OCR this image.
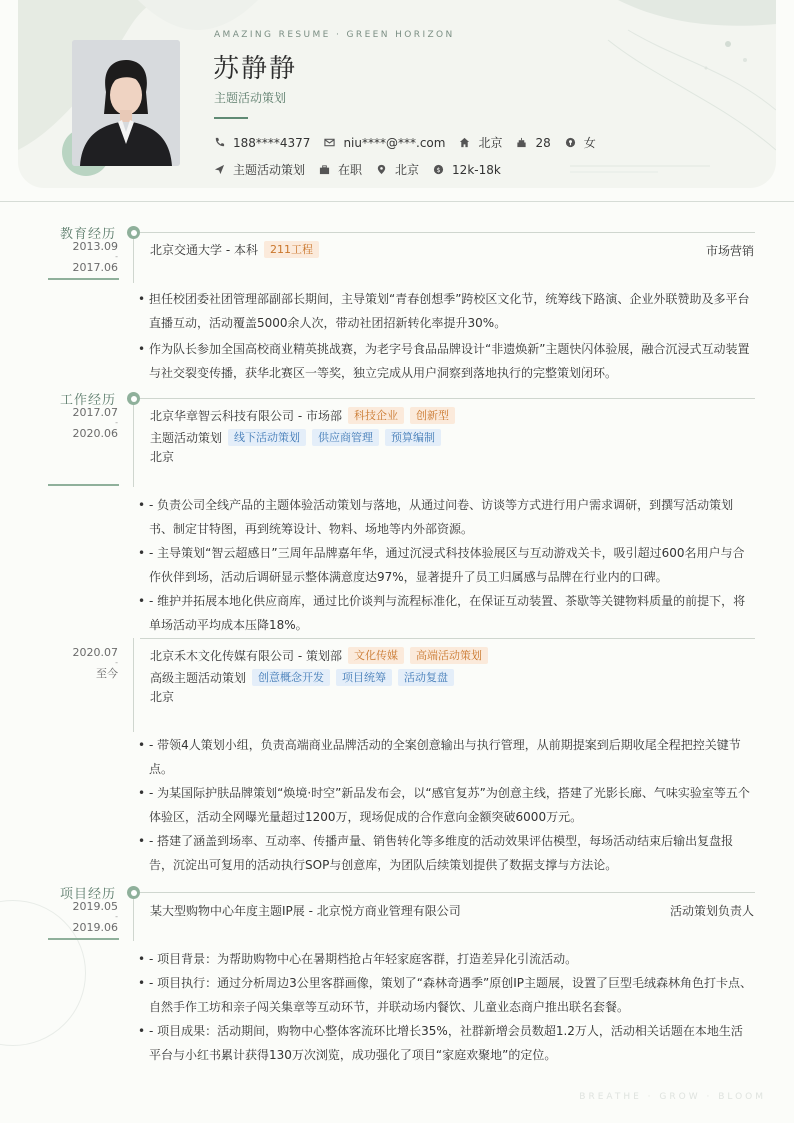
AMAZING RESUME · GREEN HORIZON
苏静静
主题活动策划
188****4377	niu****@***.com	北京	28	女
主题活动策划	在职	北京 $ 12k-18k
教育经历
2013.09
-
2017.06
北京交通大学 - 本科	211工程	市场营销
• 担任校团委社团管理部副部长期间，主导策划“青春创想季”跨校区文化节，统筹线下路演、企业外联赞助及多平台直播互动，活动覆盖5000余人次，带动社团招新转化率提升30%。
• 作为队长参加全国高校商业精英挑战赛，为老字号食品品牌设计“非遗焕新”主题快闪体验展，融合沉浸式互动装置与社交裂变传播，获华北赛区一等奖，独立完成从用户洞察到落地执行的完整策划闭环。
工作经历
2017.07
-
2020.06
北京华章智云科技有限公司 - 市场部	科技企业	创新型
主题活动策划	线下活动策划	供应商管理	预算编制
北京
• - 负责公司全线产品的主题体验活动策划与落地，从通过问卷、访谈等方式进行用户需求调研，到撰写活动策划书、制定甘特图，再到统筹设计、物料、场地等内外部资源。
• - 主导策划“智云超感日”三周年品牌嘉年华，通过沉浸式科技体验展区与互动游戏关卡，吸引超过600名用户与合作伙伴到场，活动后调研显示整体满意度达97%，显著提升了员工归属感与品牌在行业内的口碑。
• - 维护并拓展本地化供应商库，通过比价谈判与流程标准化，在保证互动装置、茶歇等关键物料质量的前提下，将单场活动平均成本压降18%。
2020.07
-
至今
北京禾木文化传媒有限公司 - 策划部	文化传媒	高端活动策划
高级主题活动策划	创意概念开发	项目统筹	活动复盘
北京
• - 带领4人策划小组，负责高端商业品牌活动的全案创意输出与执行管理，从前期提案到后期收尾全程把控关键节点。
• - 为某国际护肤品牌策划“焕境·时空”新品发布会，以“感官复苏”为创意主线，搭建了光影长廊、气味实验室等五个体验区，活动全网曝光量超过1200万，现场促成的合作意向金额突破6000万元。
• - 搭建了涵盖到场率、互动率、传播声量、销售转化等多维度的活动效果评估模型，每场活动结束后输出复盘报告，沉淀出可复用的活动执行SOP与创意库，为团队后续策划提供了数据支撑与方法论。
项目经历
2019.05
-
2019.06
某大型购物中心年度主题IP展 - 北京悦方商业管理有限公司	活动策划负责人
• - 项目背景：为帮助购物中心在暑期档抢占年轻家庭客群，打造差异化引流活动。
• - 项目执行：通过分析周边3公里客群画像，策划了“森林奇遇季”原创IP主题展，设置了巨型毛绒森林角色打卡点、自然手作工坊和亲子闯关集章等互动环节，并联动场内餐饮、儿童业态商户推出联名套餐。
• - 项目成果：活动期间，购物中心整体客流环比增长35%，社群新增会员数超1.2万人，活动相关话题在本地生活平台与小红书累计获得130万次浏览，成功强化了项目“家庭欢聚地”的定位。
BREATHE · GROW · BLOOM
